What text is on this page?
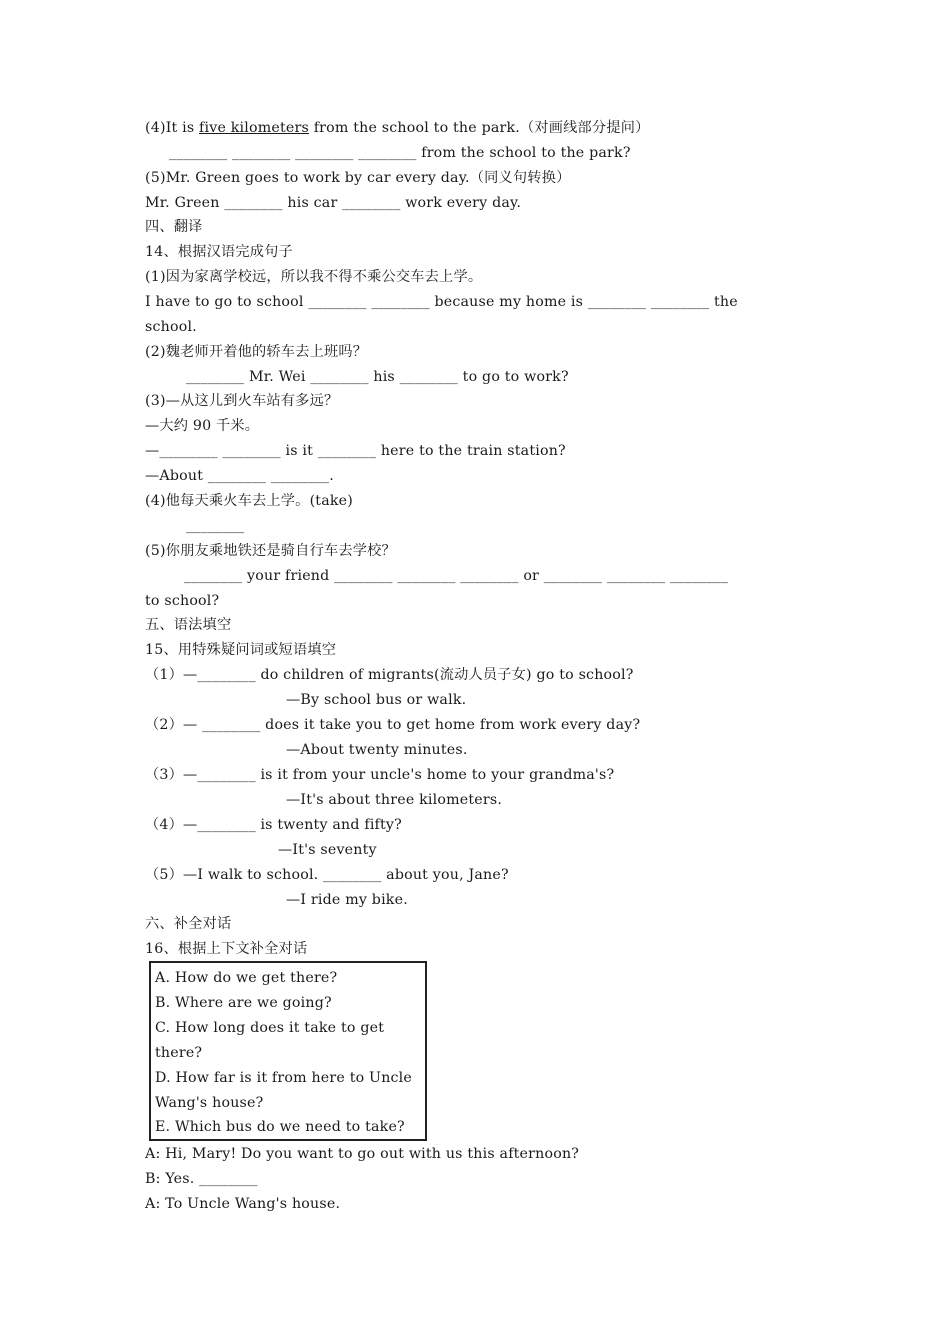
(4)It is five kilometers from the school to the park.（对画线部分提问）
________ ________ ________ ________ from the school to the park?
(5)Mr. Green goes to work by car every day.（同义句转换）
Mr. Green ________ his car ________ work every day.
四、翻译
14、根据汉语完成句子
(1)因为家离学校远，所以我不得不乘公交车去上学。
I have to go to school ________ ________ because my home is ________ ________ the
school.
(2)魏老师开着他的轿车去上班吗？
________ Mr. Wei ________ his ________ to go to work?
(3)—从这儿到火车站有多远？
—大约 90 千米。
—________ ________ is it ________ here to the train station?
—About ________ ________.
(4)他每天乘火车去上学。(take)
________
(5)你朋友乘地铁还是骑自行车去学校？
________ your friend ________ ________ ________ or ________ ________ ________
to school?
五、语法填空
15、用特殊疑问词或短语填空
（1）—________ do children of migrants(流动人员子女) go to school?
—By school bus or walk.
（2）— ________ does it take you to get home from work every day?
—About twenty minutes.
（3）—________ is it from your uncle's home to your grandma's?
—It's about three kilometers.
（4）—________ is twenty and fifty?
—It's seventy
（5）—I walk to school. ________ about you, Jane?
—I ride my bike.
六、补全对话
16、根据上下文补全对话
A. How do we get there?
B. Where are we going?
C. How long does it take to get
there?
D. How far is it from here to Uncle
Wang's house?
E. Which bus do we need to take?
A: Hi, Mary! Do you want to go out with us this afternoon?
B: Yes. ________
A: To Uncle Wang's house.
